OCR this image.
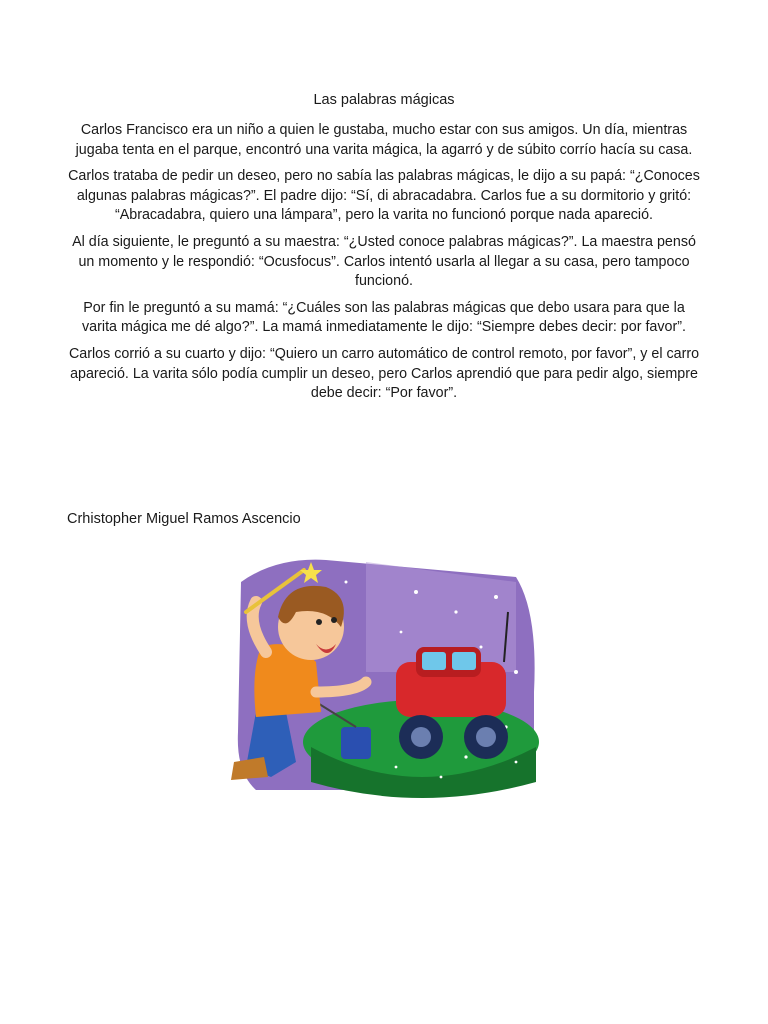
Las palabras mágicas

Carlos Francisco era un niño a quien le gustaba, mucho estar con sus amigos. Un día, mientras jugaba tenta en el parque, encontró una varita mágica, la agarró y de súbito corrío hacía su casa.

Carlos trataba de pedir un deseo, pero no sabía las palabras mágicas, le dijo a su papá: “¿Conoces algunas palabras mágicas?”. El padre dijo: “Sí, di abracadabra. Carlos fue a su dormitorio y gritó: “Abracadabra, quiero una lámpara”, pero la varita no funcionó porque nada apareció.

Al día siguiente, le preguntó a su maestra: “¿Usted conoce palabras mágicas?”. La maestra pensó un momento y le respondió: “Ocusfocus”. Carlos intentó usarla al llegar a su casa, pero tampoco funcionó.

Por fin le preguntó a su mamá: “¿Cuáles son las palabras mágicas que debo usara para que la varita mágica me dé algo?”. La mamá inmediatamente le dijo: “Siempre debes decir: por favor”.

Carlos corrió a su cuarto y dijo: “Quiero un carro automático de control remoto, por favor”, y el carro apareció. La varita sólo podía cumplir un deseo, pero Carlos aprendió que para pedir algo, siempre debe decir: “Por favor”.

Crhistopher Miguel Ramos Ascencio
